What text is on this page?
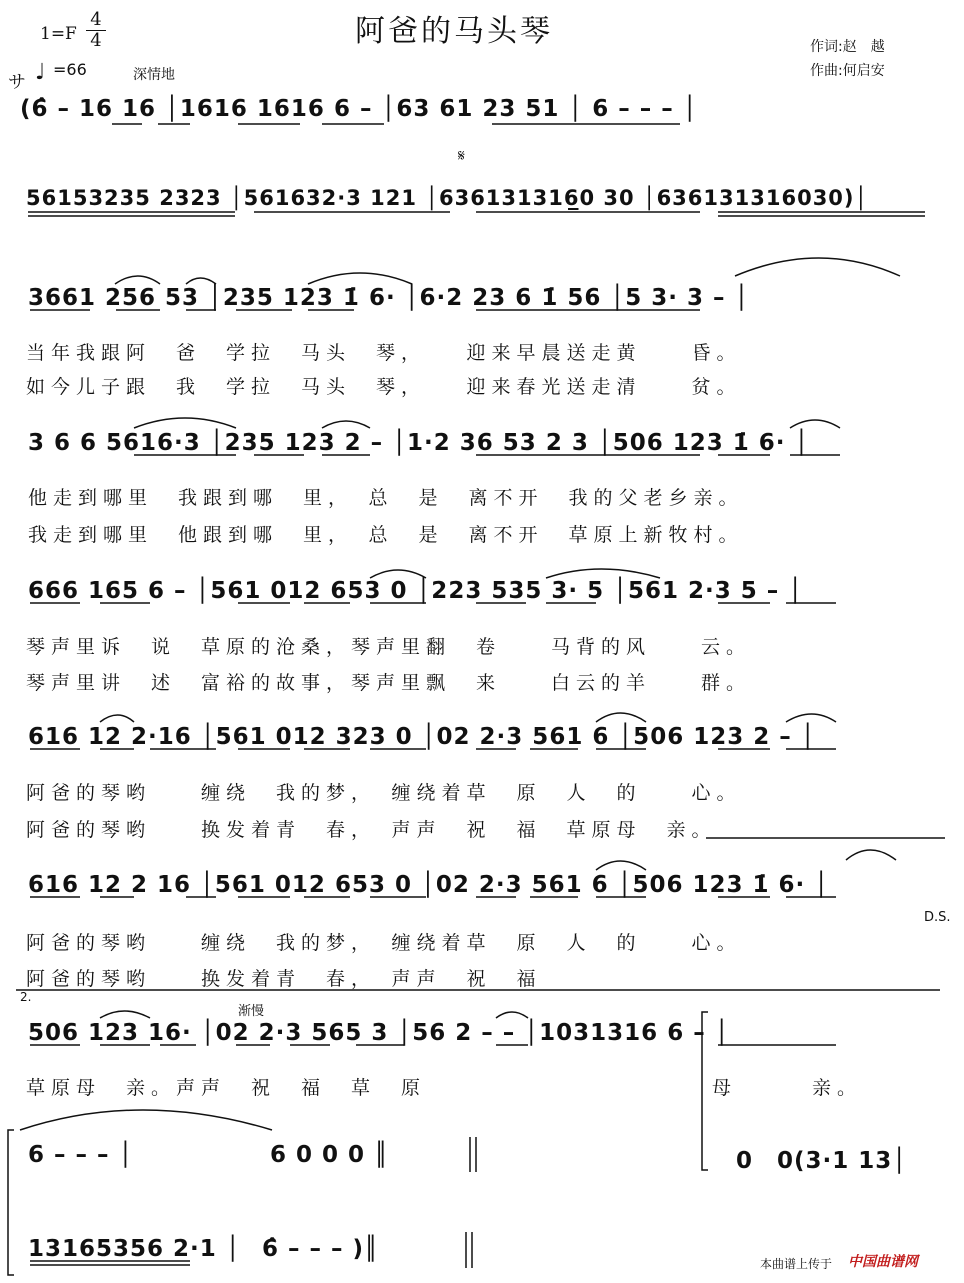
阿爸的马头琴	作词:赵　越
作曲:何启安
1=F
4
4
サ ♩ =66	深情地
(6̂ – 16 16 │1616 1616 6 – │63 61 23 51 │ 6 – – – │
𝄋
56153235 2323 │561632·3 121 │636131316̲0 30 │636131316030)│
3661 256 53 │235 123 1̇ 6· │6·2 23 6 1̇ 56 │5 3· 3 – │
当年我跟阿　爸　学拉　马头　琴，　　迎来早晨送走黄　　昏。
如今儿子跟　我　学拉　马头　琴，　　迎来春光送走清　　贫。
3 6 6 5616·3 │235 123 2 – │1·2 36 53 2 3 │506 123 1̇ 6· │
他走到哪里　我跟到哪　里，　总　是　离不开　我的父老乡亲。
我走到哪里　他跟到哪　里，　总　是　离不开　草原上新牧村。
666 165 6 – │561 012 653 0 │223 535 3· 5 │561 2·3 5 – │
琴声里诉　说　草原的沧桑，琴声里翻　卷　　马背的风　　云。
琴声里讲　述　富裕的故事，琴声里飘　来　　白云的羊　　群。
616 12 2·16 │561 012 323 0 │02 2·3 561 6 │506 123 2 – │
阿爸的琴哟　　缠绕　我的梦，　缠绕着草　原　人　的　　心。
阿爸的琴哟　　换发着青　春，　声声　祝　福　草原母　亲。
616 12 2 16 │561 012 653 0 │02 2·3 561 6 │506 123 1̇ 6· │
D.S.
阿爸的琴哟　　缠绕　我的梦，　缠绕着草　原　人　的　　心。
阿爸的琴哟　　换发着青　春，　声声　祝　福
2.
渐慢
506 123 16· │02 2·3 565 3 │56 2 – – │1031316 6 – │
草原母　亲。声声　祝　福　草　原	母　　　亲。
6 – – – │	6 0 0 0 ║	0　0(3·1 13│
13165356 2·1 │ 6̂ – – – )║
本曲谱上传于 中国曲谱网
